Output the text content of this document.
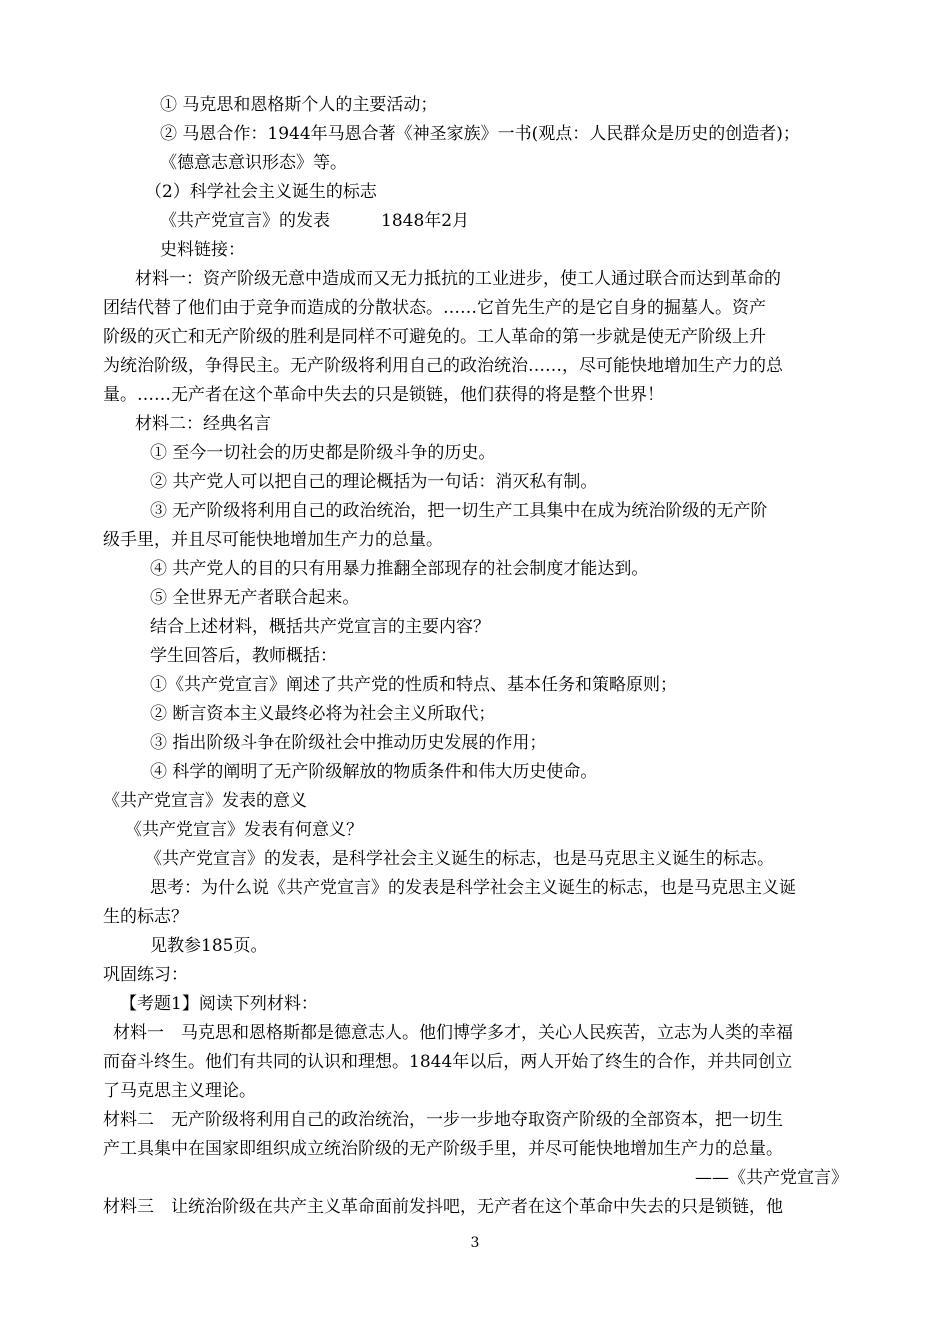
① 马克思和恩格斯个人的主要活动；
② 马恩合作：1944年马恩合著《神圣家族》一书(观点：人民群众是历史的创造者)；
《德意志意识形态》等。
（2）科学社会主义诞生的标志
《共产党宣言》的发表　　　1848年2月
史料链接：
材料一：资产阶级无意中造成而又无力抵抗的工业进步，使工人通过联合而达到革命的
团结代替了他们由于竞争而造成的分散状态。……它首先生产的是它自身的掘墓人。资产
阶级的灭亡和无产阶级的胜利是同样不可避免的。工人革命的第一步就是使无产阶级上升
为统治阶级，争得民主。无产阶级将利用自己的政治统治……，尽可能快地增加生产力的总
量。……无产者在这个革命中失去的只是锁链，他们获得的将是整个世界！
材料二：经典名言
① 至今一切社会的历史都是阶级斗争的历史。
② 共产党人可以把自己的理论概括为一句话：消灭私有制。
③ 无产阶级将利用自己的政治统治，把一切生产工具集中在成为统治阶级的无产阶
级手里，并且尽可能快地增加生产力的总量。
④ 共产党人的目的只有用暴力推翻全部现存的社会制度才能达到。
⑤ 全世界无产者联合起来。
结合上述材料，概括共产党宣言的主要内容？
学生回答后，教师概括：
①《共产党宣言》阐述了共产党的性质和特点、基本任务和策略原则；
② 断言资本主义最终必将为社会主义所取代；
③ 指出阶级斗争在阶级社会中推动历史发展的作用；
④ 科学的阐明了无产阶级解放的物质条件和伟大历史使命。
《共产党宣言》发表的意义
《共产党宣言》发表有何意义？
《共产党宣言》的发表，是科学社会主义诞生的标志，也是马克思主义诞生的标志。
思考：为什么说《共产党宣言》的发表是科学社会主义诞生的标志，也是马克思主义诞
生的标志？
见教参185页。
巩固练习：
【考题1】阅读下列材料：
材料一　马克思和恩格斯都是德意志人。他们博学多才，关心人民疾苦，立志为人类的幸福
而奋斗终生。他们有共同的认识和理想。1844年以后，两人开始了终生的合作，并共同创立
了马克思主义理论。
材料二　无产阶级将利用自己的政治统治，一步一步地夺取资产阶级的全部资本，把一切生
产工具集中在国家即组织成立统治阶级的无产阶级手里，并尽可能快地增加生产力的总量。
——《共产党宣言》
材料三　让统治阶级在共产主义革命面前发抖吧，无产者在这个革命中失去的只是锁链，他
3
